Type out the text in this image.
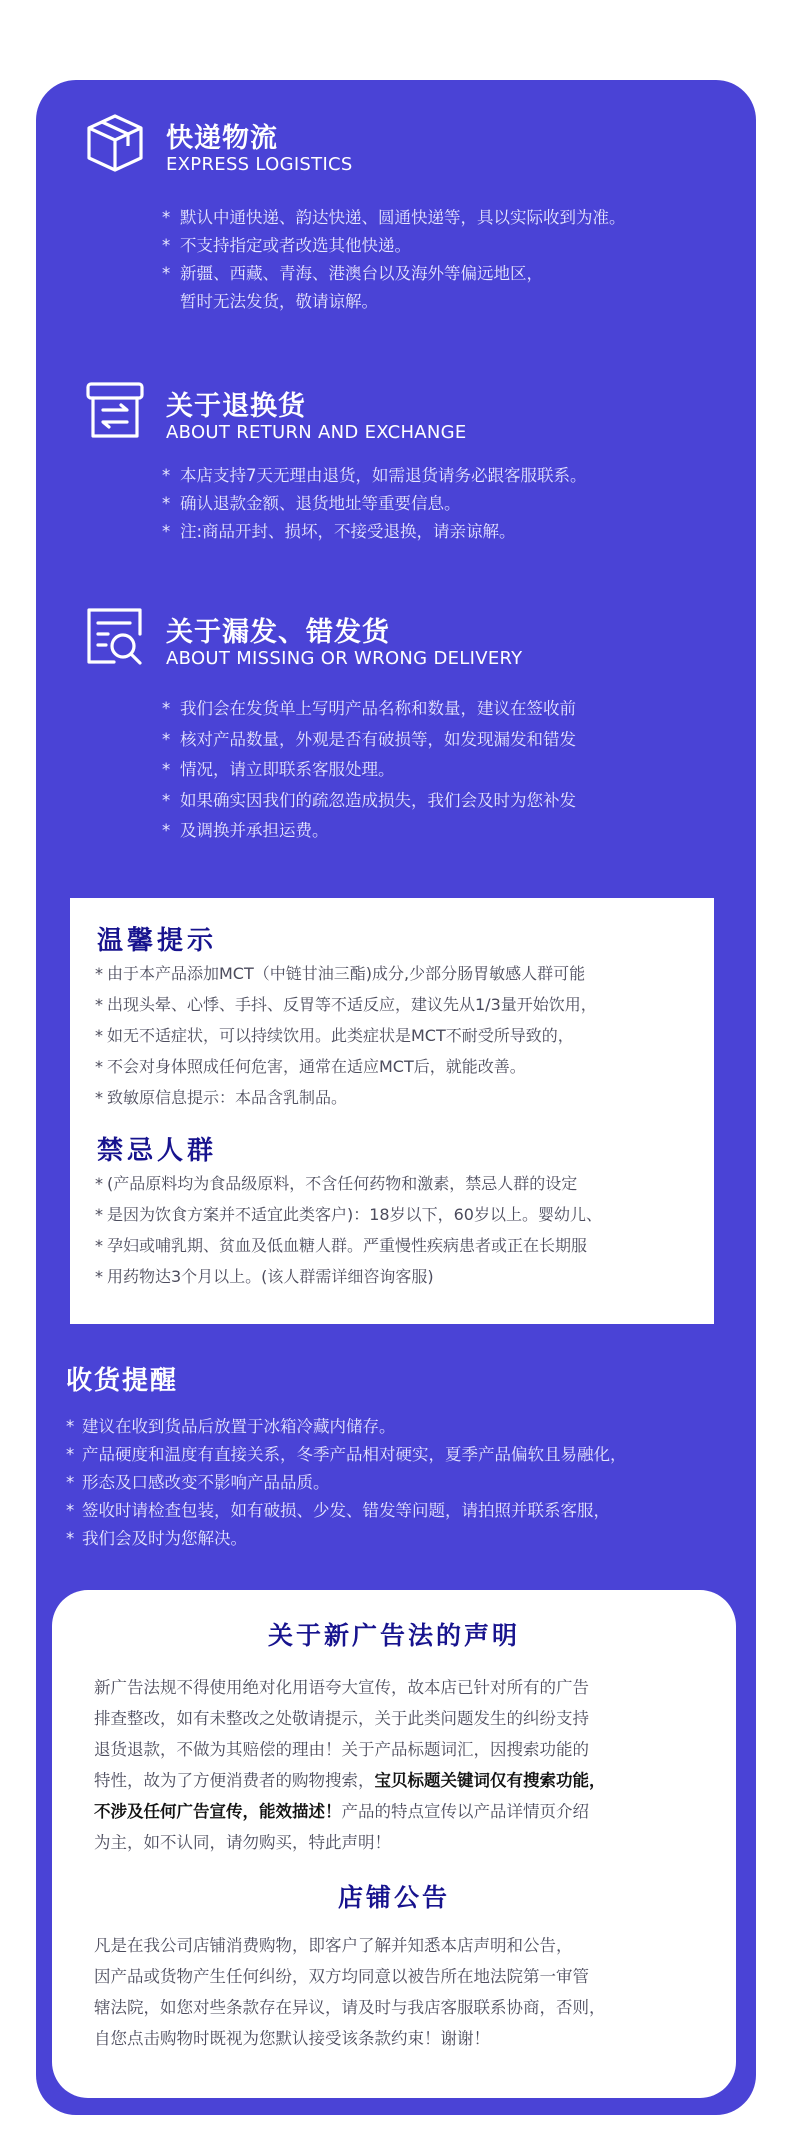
快递物流
EXPRESS LOGISTICS
* 默认中通快递、韵达快递、圆通快递等，具以实际收到为准。
* 不支持指定或者改选其他快递。
* 新疆、西藏、青海、港澳台以及海外等偏远地区，
暂时无法发货，敬请谅解。
关于退换货
ABOUT RETURN AND EXCHANGE
* 本店支持7天无理由退货，如需退货请务必跟客服联系。
* 确认退款金额、退货地址等重要信息。
* 注:商品开封、损坏，不接受退换，请亲谅解。
关于漏发、错发货
ABOUT MISSING OR WRONG DELIVERY
* 我们会在发货单上写明产品名称和数量，建议在签收前
* 核对产品数量，外观是否有破损等，如发现漏发和错发
* 情况，请立即联系客服处理。
* 如果确实因我们的疏忽造成损失，我们会及时为您补发
* 及调换并承担运费。
温馨提示
* 由于本产品添加MCT（中链甘油三酯)成分,少部分肠胃敏感人群可能
* 出现头晕、心悸、手抖、反胃等不适反应，建议先从1/3量开始饮用，
* 如无不适症状，可以持续饮用。此类症状是MCT不耐受所导致的，
* 不会对身体照成任何危害，通常在适应MCT后，就能改善。
* 致敏原信息提示：本品含乳制品。
禁忌人群
* (产品原料均为食品级原料，不含任何药物和激素，禁忌人群的设定
* 是因为饮食方案并不适宜此类客户)：18岁以下，60岁以上。婴幼儿、
* 孕妇或哺乳期、贫血及低血糖人群。严重慢性疾病患者或正在长期服
* 用药物达3个月以上。(该人群需详细咨询客服)
收货提醒
* 建议在收到货品后放置于冰箱冷藏内储存。
* 产品硬度和温度有直接关系，冬季产品相对硬实，夏季产品偏软且易融化，
* 形态及口感改变不影响产品品质。
* 签收时请检查包装，如有破损、少发、错发等问题，请拍照并联系客服，
* 我们会及时为您解决。
关于新广告法的声明
新广告法规不得使用绝对化用语夸大宣传，故本店已针对所有的广告
排查整改，如有未整改之处敬请提示，关于此类问题发生的纠纷支持
退货退款，不做为其赔偿的理由！关于产品标题词汇，因搜索功能的
特性，故为了方便消费者的购物搜索，宝贝标题关键词仅有搜索功能，
不涉及任何广告宣传，能效描述！产品的特点宣传以产品详情页介绍
为主，如不认同，请勿购买，特此声明！
店铺公告
凡是在我公司店铺消费购物，即客户了解并知悉本店声明和公告，
因产品或货物产生任何纠纷，双方均同意以被告所在地法院第一审管
辖法院，如您对些条款存在异议，请及时与我店客服联系协商，否则，
自您点击购物时既视为您默认接受该条款约束！谢谢！
